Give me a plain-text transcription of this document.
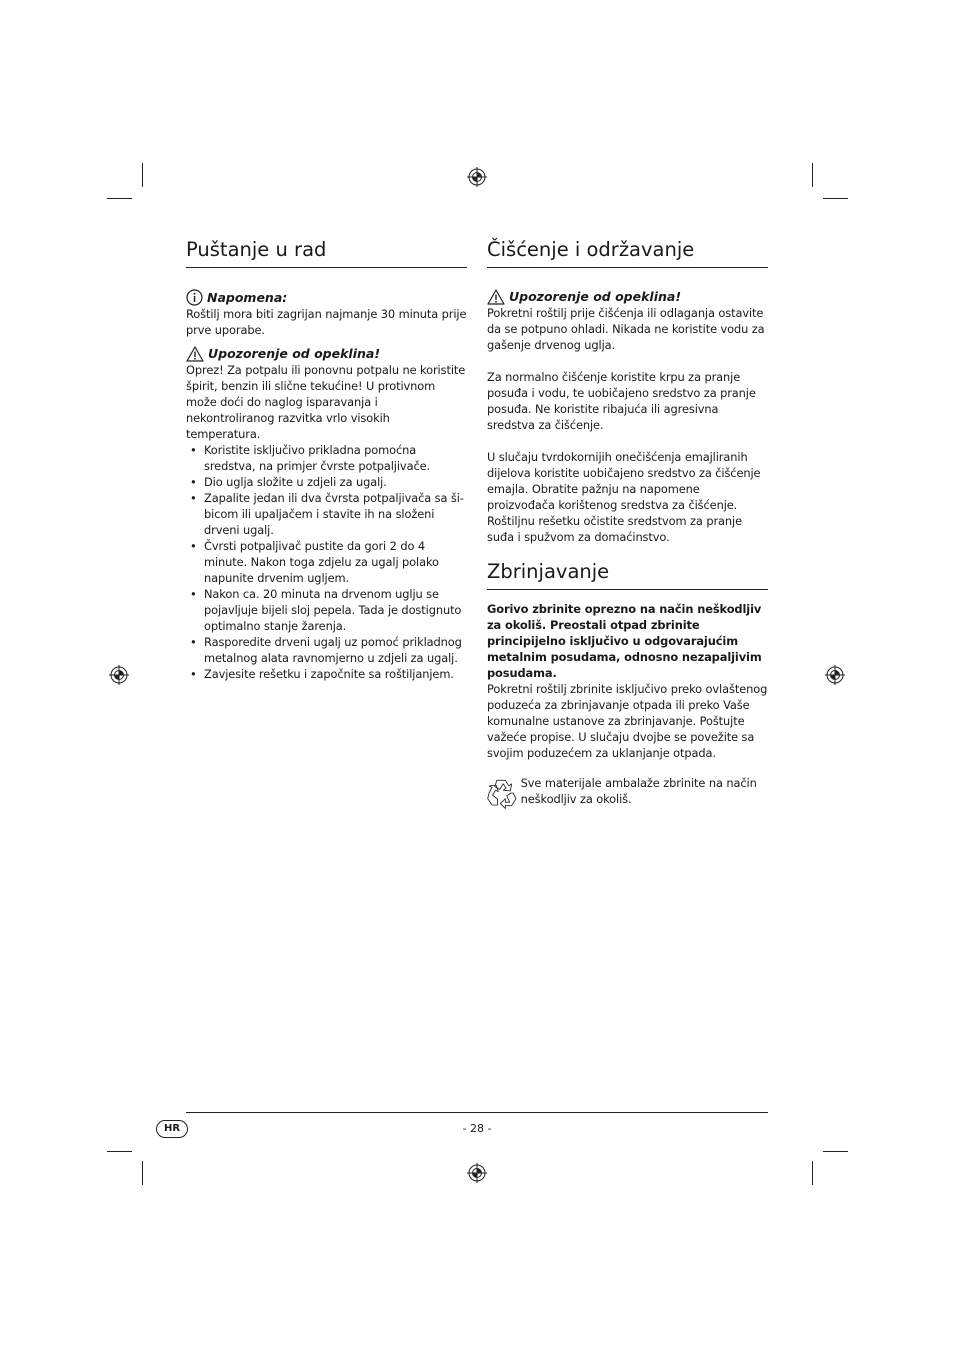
Puštanje u rad
Napomena:

Roštilj mora biti zagrijan najmanje 30 minuta prije prve uporabe.

Upozorenje od opeklina!

Oprez! Za potpalu ili ponovnu potpalu ne koristite špirit, benzin ili slične tekućine! U protivnom može doći do naglog isparavanja i nekontroliranog razvitka vrlo visokih temperatura.

• Koristite isključivo prikladna pomoćna sredstva, na primjer čvrste potpaljivače.
• Dio uglja složite u zdjeli za ugalj.
• Zapalite jedan ili dva čvrsta potpaljivača sa ši-bicom ili upaljačem i stavite ih na složeni drveni ugalj.
• Čvrsti potpaljivač pustite da gori 2 do 4 minute. Nakon toga zdjelu za ugalj polako napunite drvenim ugljem.
• Nakon ca. 20 minuta na drvenom uglju se pojavljuje bijeli sloj pepela. Tada je dostignuto optimalno stanje žarenja.
• Rasporedite drveni ugalj uz pomoć prikladnog metalnog alata ravnomjerno u zdjeli za ugalj.
• Zavjesite rešetku i započnite sa roštiljanjem.
Čišćenje i održavanje
Upozorenje od opeklina!

Pokretni roštilj prije čišćenja ili odlaganja ostavite da se potpuno ohladi. Nikada ne koristite vodu za gašenje drvenog uglja.

Za normalno čišćenje koristite krpu za pranje posuđa i vodu, te uobičajeno sredstvo za pranje posuđa. Ne koristite ribajuća ili agresivna sredstva za čišćenje.

U slučaju tvrdokornijih onečišćenja emajliranih dijelova koristite uobičajeno sredstvo za čišćenje emajla. Obratite pažnju na napomene proizvođača korištenog sredstva za čišćenje.

Roštiljnu rešetku očistite sredstvom za pranje suđa i spužvom za domaćinstvo.

Zbrinjavanje

Gorivo zbrinite oprezno na način neškodljiv za okoliš. Preostali otpad zbrinite principijelno isključivo u odgovarajućim metalnim posudama, odnosno nezapaljivim posudama.

Pokretni roštilj zbrinite isključivo preko ovlaštenog poduzeća za zbrinjavanje otpada ili preko Vaše komunalne ustanove za zbrinjavanje. Poštujte važeće propise. U slučaju dvojbe se povežite sa svojim poduzećem za uklanjanje otpada.

Sve materijale ambalaže zbrinite na način neškodljiv za okoliš.

HR	- 28 -
